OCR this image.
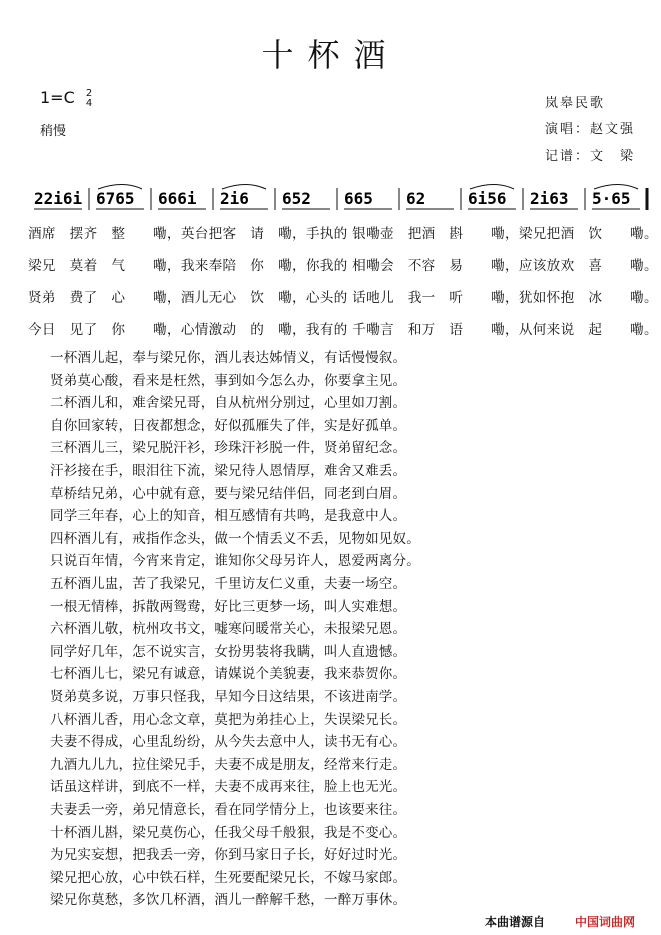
十杯酒
1=C 2
4
稍慢
岚皋民歌
演唱：赵文强
记谱：文　梁
22i6i 6765 666i 2i6 652 665 62	6i56 2i63 5·65
酒席　摆齐　整　　嘞，英台把客　请　嘞，手执的 银嘞壶　把酒　斟　　嘞，梁兄把酒　饮　　嘞。
梁兄　莫着　气　　嘞，我来奉陪　你　嘞，你我的 相嘞会　不容　易　　嘞，应该放欢　喜　　嘞。
贤弟　费了　心　　嘞，酒儿无心　饮　嘞，心头的 话吔儿　我一　听　　嘞，犹如怀抱　冰　　嘞。
今日　见了　你　　嘞，心情激动　的　嘞，我有的 千嘞言　和万　语　　嘞，从何来说　起　　嘞。
一杯酒儿起，奉与梁兄你，酒儿表达姊情义，有话慢慢叙。
贤弟莫心酸，看来是枉然，事到如今怎么办，你要拿主见。
二杯酒儿和，难舍梁兄哥，自从杭州分别过，心里如刀割。
自你回家转，日夜都想念，好似孤雁失了伴，实是好孤单。
三杯酒儿三，梁兄脱汗衫，珍珠汗衫脱一件，贤弟留纪念。
汗衫接在手，眼泪往下流，梁兄待人恩情厚，难舍又难丢。
草桥结兄弟，心中就有意，要与梁兄结伴侣，同老到白眉。
同学三年春，心上的知音，相互感情有共鸣，是我意中人。
四杯酒儿有，戒指作念头，做一个情丢义不丢，见物如见奴。
只说百年情，今宵来肯定，谁知你父母另许人，恩爱两离分。
五杯酒儿盅，苦了我梁兄，千里访友仁义重，夫妻一场空。
一根无情棒，拆散两鸳鸯，好比三更梦一场，叫人实难想。
六杯酒儿敬，杭州攻书文，嘘寒问暖常关心，未报梁兄恩。
同学好几年，怎不说实言，女扮男装将我瞒，叫人直遗憾。
七杯酒儿七，梁兄有诚意，请媒说个美貌妻，我来恭贺你。
贤弟莫多说，万事只怪我，早知今日这结果，不该进南学。
八杯酒儿香，用心念文章，莫把为弟挂心上，失误梁兄长。
夫妻不得成，心里乱纷纷，从今失去意中人，读书无有心。
九酒九儿九，拉住梁兄手，夫妻不成是朋友，经常来行走。
话虽这样讲，到底不一样，夫妻不成再来往，脸上也无光。
夫妻丢一旁，弟兄情意长，看在同学情分上，也该要来往。
十杯酒儿斟，梁兄莫伤心，任我父母千般狠，我是不变心。
为兄实妄想，把我丢一旁，你到马家日子长，好好过时光。
梁兄把心放，心中铁石样，生死要配梁兄长，不嫁马家郎。
梁兄你莫愁，多饮几杯酒，酒儿一醉解千愁，一醉万事休。
本曲谱源自 中国词曲网
